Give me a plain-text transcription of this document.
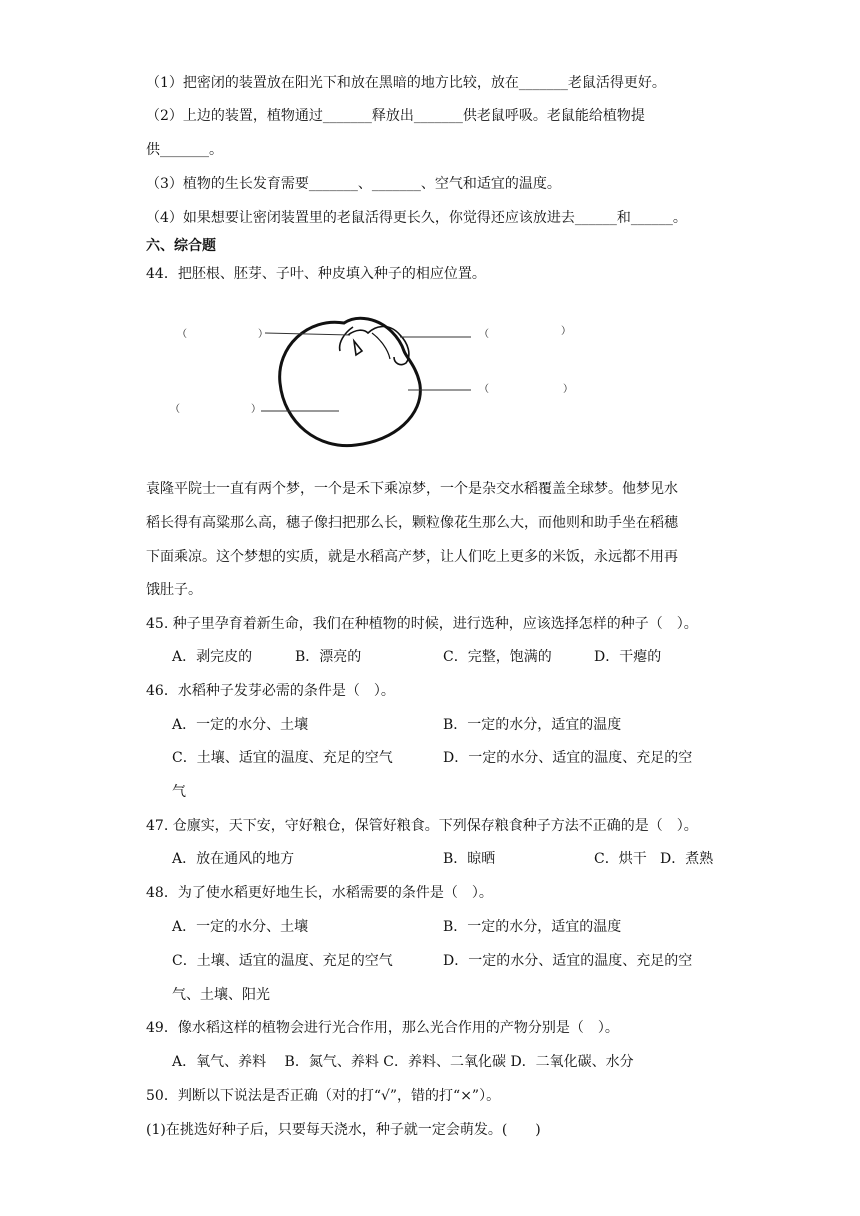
（1）把密闭的装置放在阳光下和放在黑暗的地方比较，放在_______老鼠活得更好。
（2）上边的装置，植物通过_______释放出_______供老鼠呼吸。老鼠能给植物提
供_______。
（3）植物的生长发育需要_______、_______、空气和适宜的温度。
（4）如果想要让密闭装置里的老鼠活得更长久，你觉得还应该放进去______和______。
六、综合题
44．把胚根、胚芽、子叶、种皮填入种子的相应位置。
（	）	（	）
（	）
（	）
袁隆平院士一直有两个梦，一个是禾下乘凉梦，一个是杂交水稻覆盖全球梦。他梦见水
稻长得有高粱那么高，穗子像扫把那么长，颗粒像花生那么大，而他则和助手坐在稻穗
下面乘凉。这个梦想的实质，就是水稻高产梦，让人们吃上更多的米饭，永远都不用再
饿肚子。
45. 种子里孕育着新生命，我们在种植物的时候，进行选种，应该选择怎样的种子（　）。
A．剥完皮的	B．漂亮的	C．完整，饱满的	D．干瘪的
46．水稻种子发芽必需的条件是（　）。
A．一定的水分、土壤	B．一定的水分，适宜的温度
C．土壤、适宜的温度、充足的空气	D．一定的水分、适宜的温度、充足的空
气
47. 仓廪实，天下安，守好粮仓，保管好粮食。下列保存粮食种子方法不正确的是（　）。
A．放在通风的地方	B．晾晒	C．烘干 D．煮熟
48．为了使水稻更好地生长，水稻需要的条件是（　）。
A．一定的水分、土壤	B．一定的水分，适宜的温度
C．土壤、适宜的温度、充足的空气	D．一定的水分、适宜的温度、充足的空
气、土壤、阳光
49．像水稻这样的植物会进行光合作用，那么光合作用的产物分别是（　）。
A．氧气、养料　 B．氮气、养料 C．养料、二氧化碳 D．二氧化碳、水分
50．判断以下说法是否正确（对的打“√”，错的打“×”）。
(1)在挑选好种子后，只要每天浇水，种子就一定会萌发。(　　)
